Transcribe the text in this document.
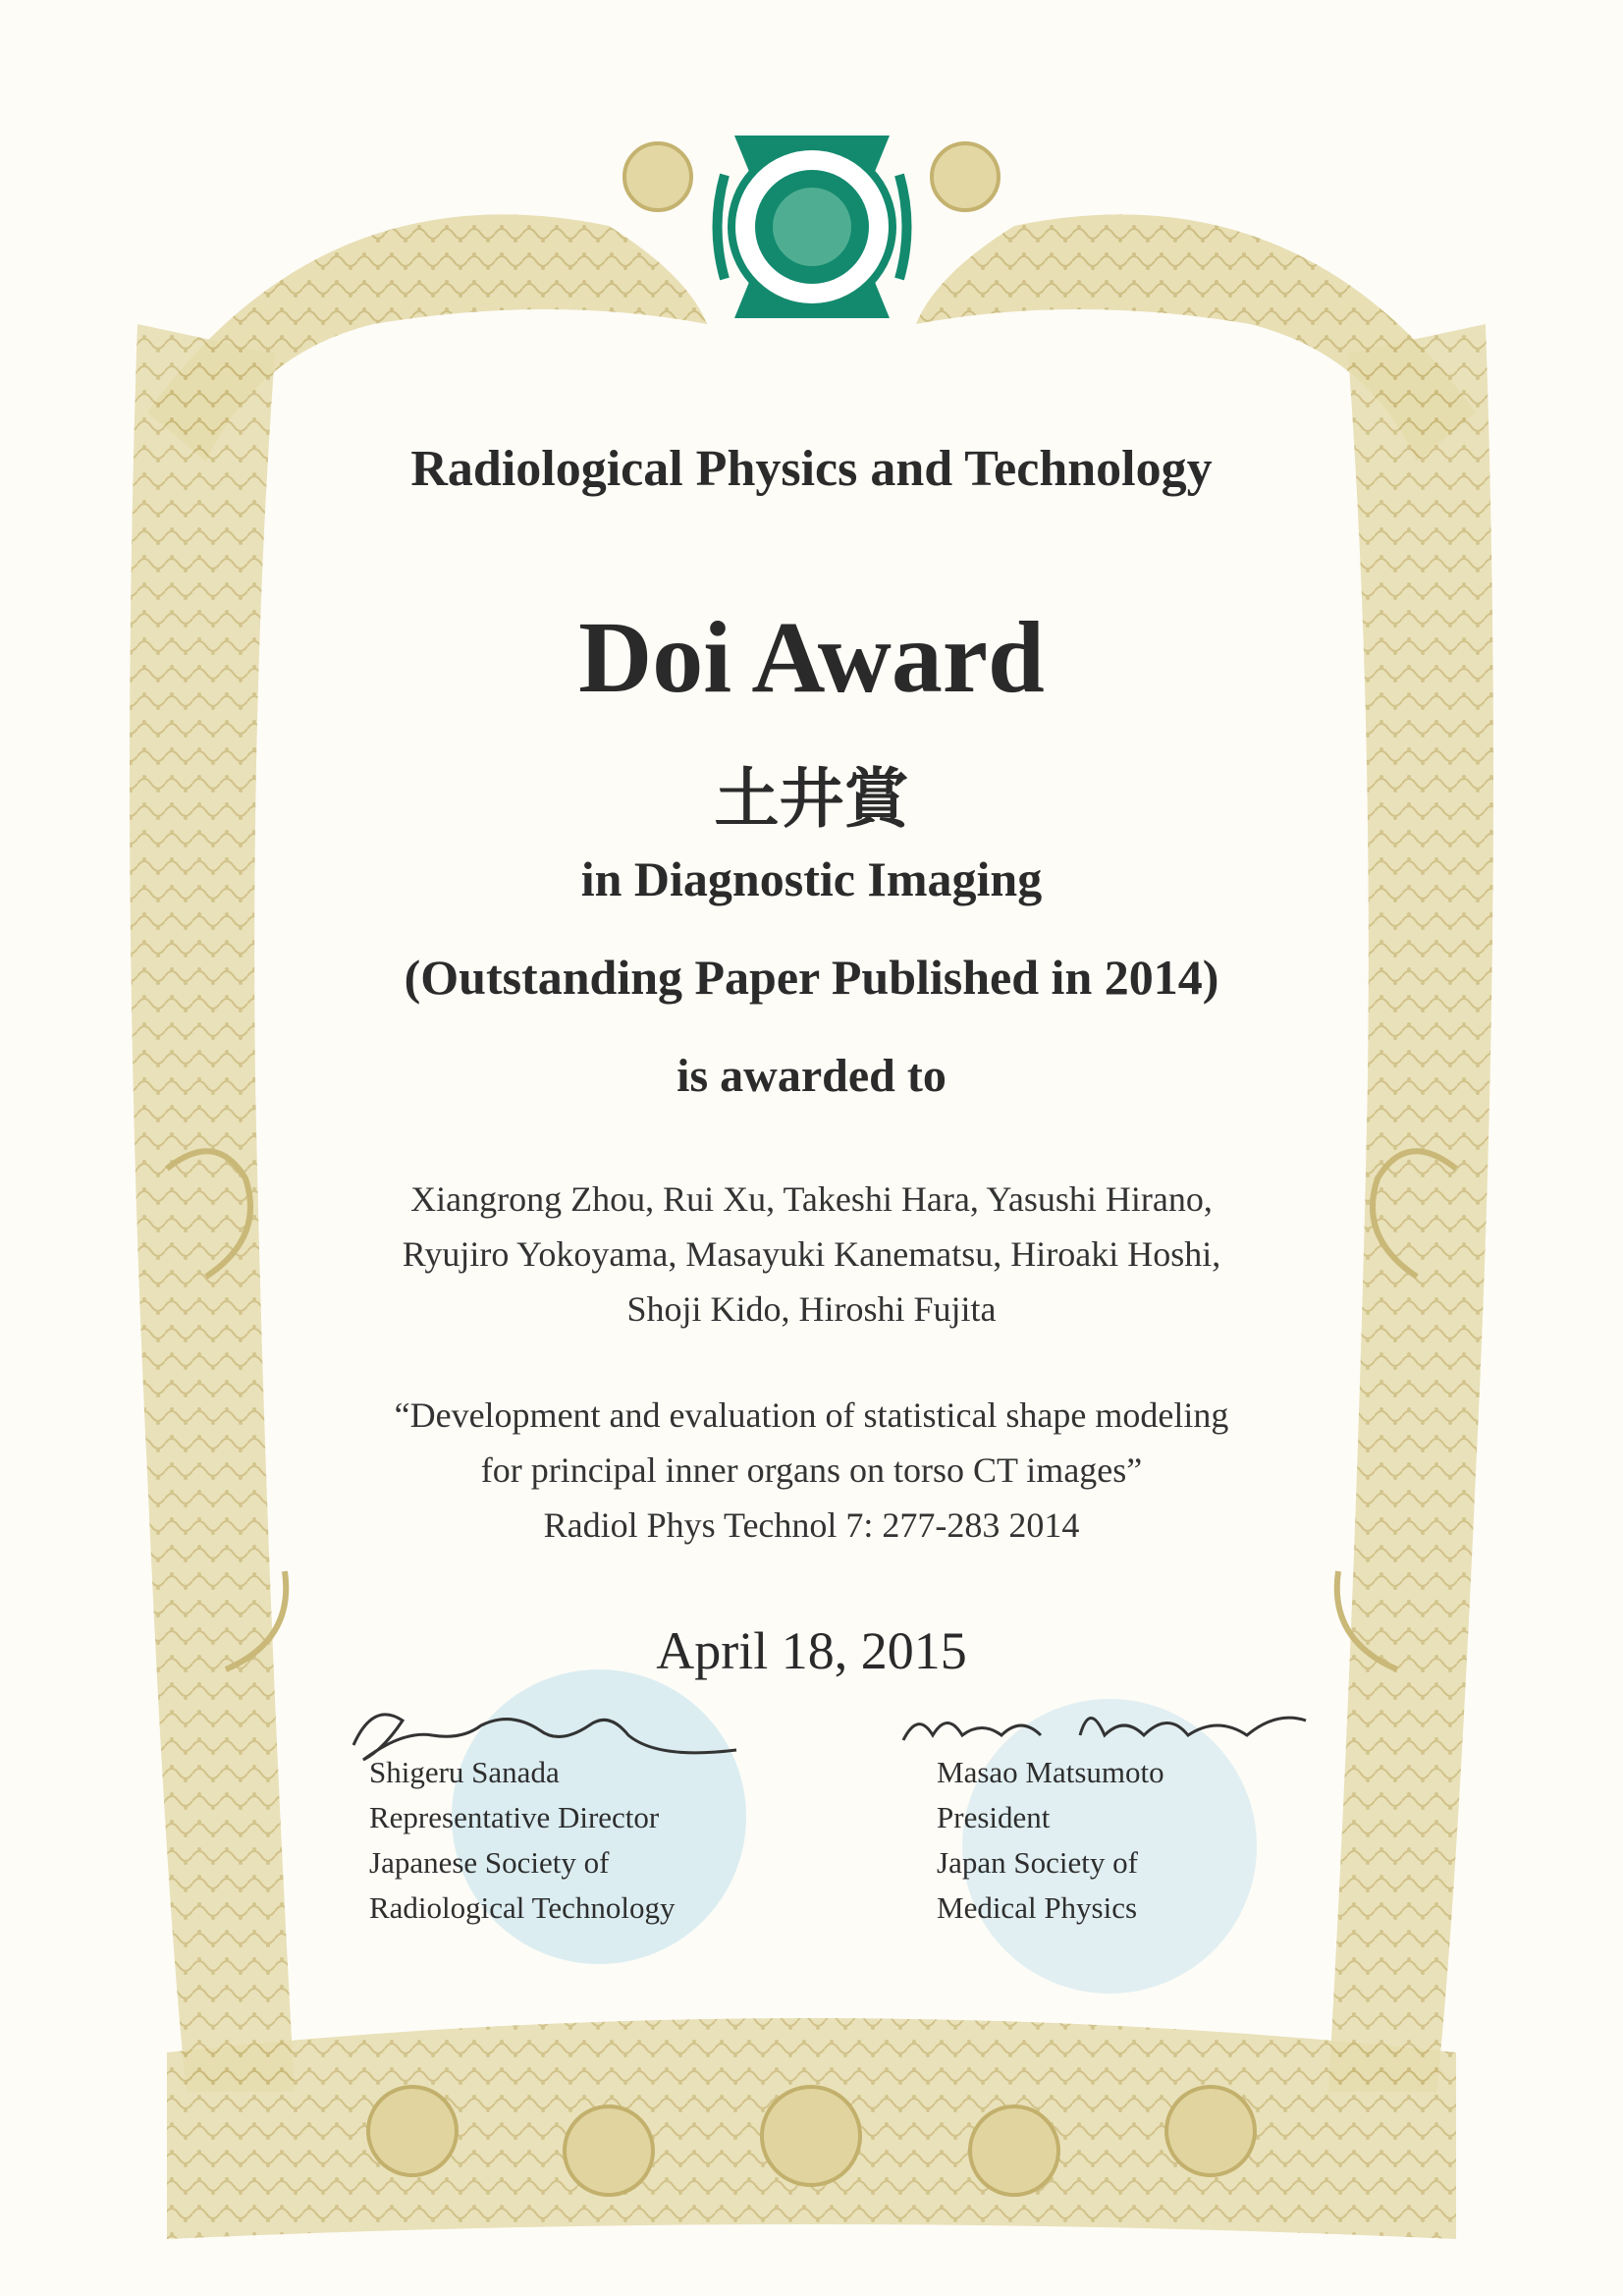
Radiological Physics and Technology
Doi Award
土井賞
in Diagnostic Imaging
(Outstanding Paper Published in 2014)
is awarded to
Xiangrong Zhou, Rui Xu, Takeshi Hara, Yasushi Hirano,
Ryujiro Yokoyama, Masayuki Kanematsu, Hiroaki Hoshi,
Shoji Kido, Hiroshi Fujita
“Development and evaluation of statistical shape modeling
for principal inner organs on torso CT images”
Radiol Phys Technol 7: 277-283 2014
April 18, 2015
Shigeru Sanada
Representative Director
Japanese Society of
Radiological Technology
Masao Matsumoto
President
Japan Society of
Medical Physics
